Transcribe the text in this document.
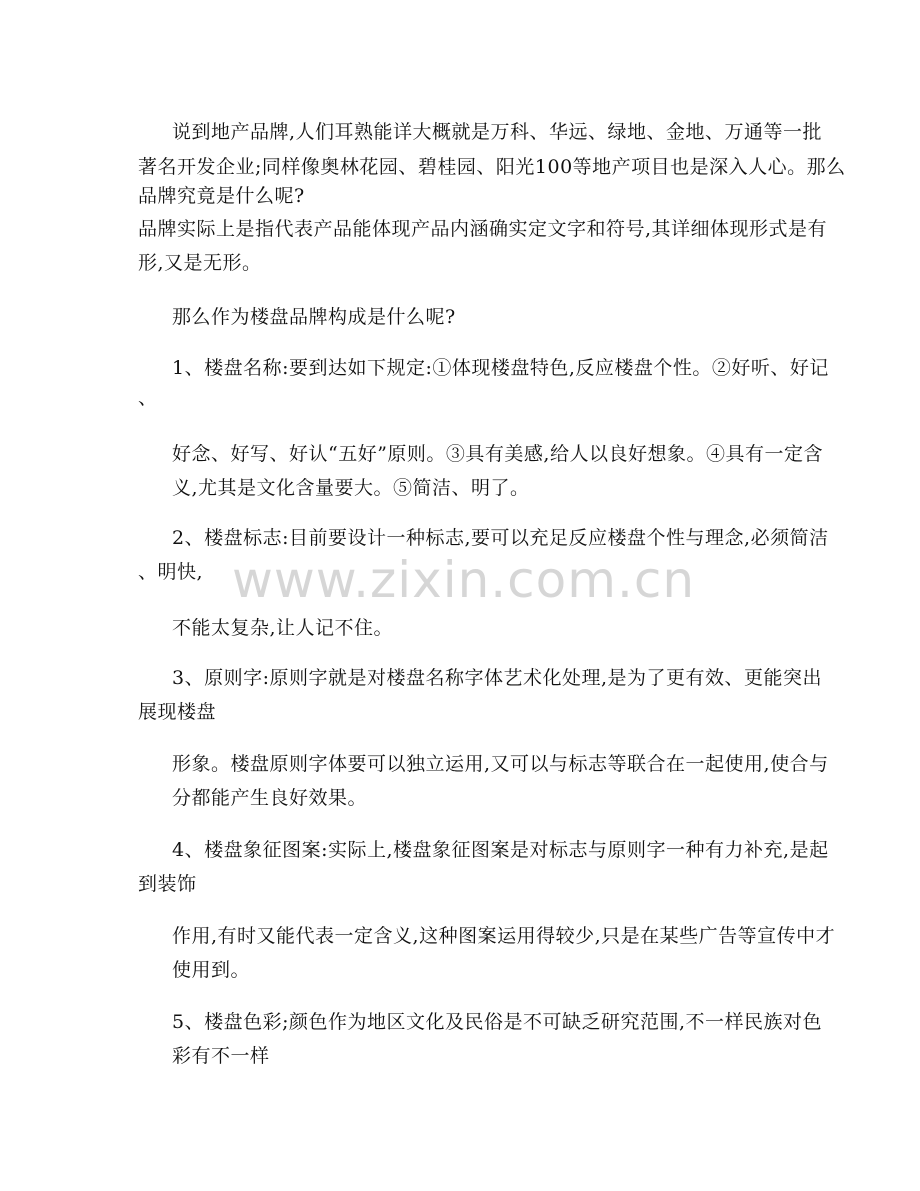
www.zixin.com.cn
说到地产品牌,人们耳熟能详大概就是万科、华远、绿地、金地、万通等一批
著名开发企业;同样像奥林花园、碧桂园、阳光100等地产项目也是深入人心。那么
品牌究竟是什么呢?
品牌实际上是指代表产品能体现产品内涵确实定文字和符号,其详细体现形式是有
形,又是无形。
那么作为楼盘品牌构成是什么呢?
1、楼盘名称:要到达如下规定:①体现楼盘特色,反应楼盘个性。②好听、好记
、
好念、好写、好认“五好”原则。③具有美感,给人以良好想象。④具有一定含
义,尤其是文化含量要大。⑤简洁、明了。
2、楼盘标志:目前要设计一种标志,要可以充足反应楼盘个性与理念,必须简洁
、明快,
不能太复杂,让人记不住。
3、原则字:原则字就是对楼盘名称字体艺术化处理,是为了更有效、更能突出
展现楼盘
形象。楼盘原则字体要可以独立运用,又可以与标志等联合在一起使用,使合与
分都能产生良好效果。
4、楼盘象征图案:实际上,楼盘象征图案是对标志与原则字一种有力补充,是起
到装饰
作用,有时又能代表一定含义,这种图案运用得较少,只是在某些广告等宣传中才
使用到。
5、楼盘色彩;颜色作为地区文化及民俗是不可缺乏研究范围,不一样民族对色
彩有不一样
